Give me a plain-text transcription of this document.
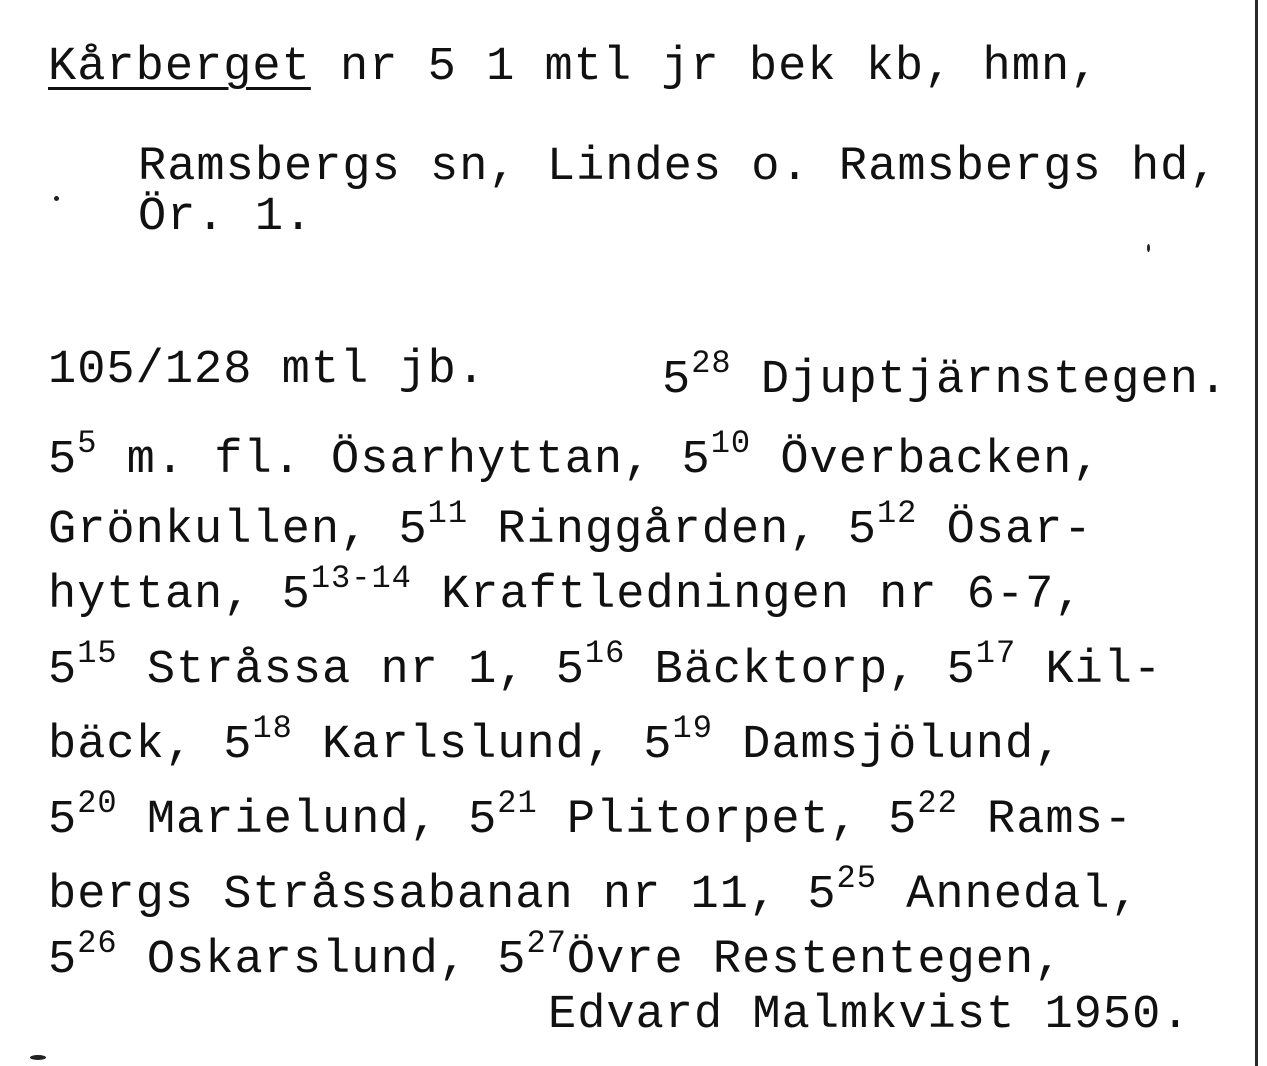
Kårberget nr 5 1 mtl jr bek kb, hmn,
Ramsbergs sn, Lindes o. Ramsbergs hd,
Ör. 1.
105/128 mtl jb.	$5^{28}$ Djuptjärnstegen.
$5^5$ m. fl. Ösarhyttan, $5^{10}$ Överbacken,
Grönkullen, $5^{11}$ Ringgården, $5^{12}$ Ösar-
hyttan, 5$^{13-14}$ Kraftledningen nr 6-7,
$5^{15}$ Stråssa nr 1, $5^{16}$ Bäcktorp, $5^{17}$ Kil-
bäck, $5^{18}$ Karlslund, $5^{19}$ Damsjölund,
$5^{20}$ Marielund, $5^{21}$ Plitorpet, $5^{22}$ Rams-
bergs Stråssabanan nr 11, $5^{25}$ Annedal,
$5^{26}$ Oskarslund, $5^{27}Övre$ Restentegen,
Edvard Malmkvist 1950.
